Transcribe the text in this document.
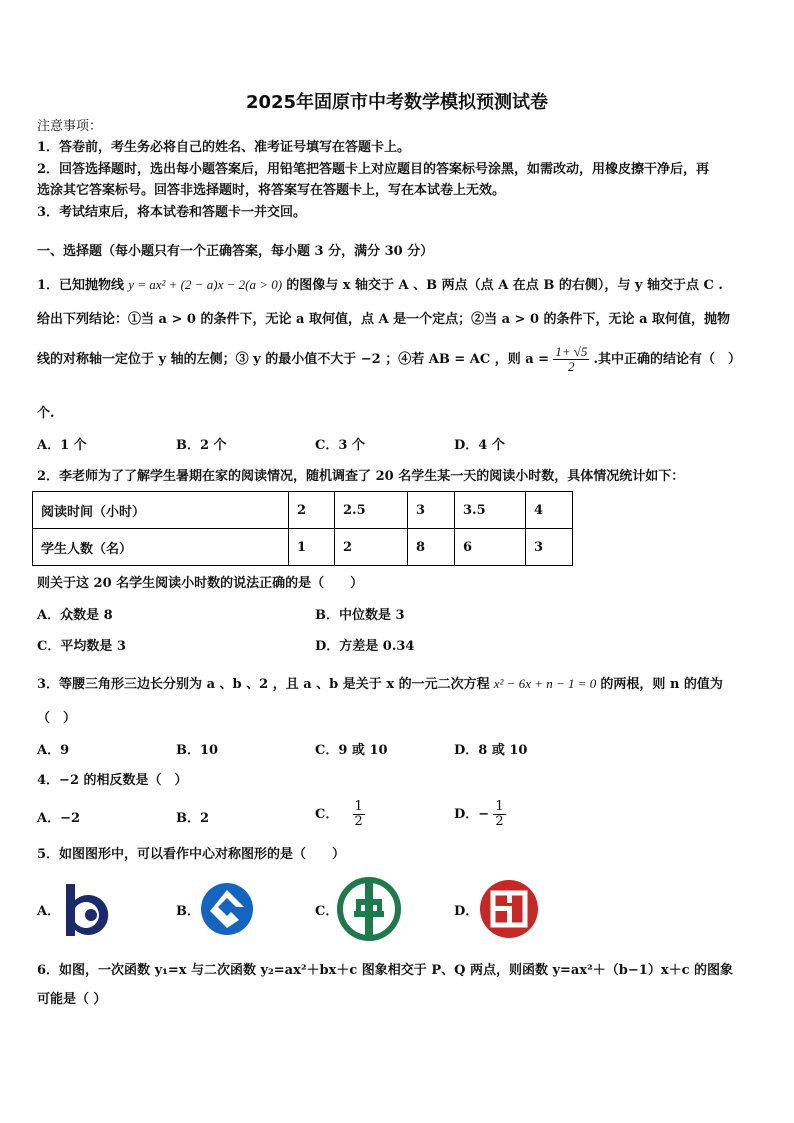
2025年固原市中考数学模拟预测试卷
注意事项：
1．答卷前，考生务必将自己的姓名、准考证号填写在答题卡上。
2．回答选择题时，选出每小题答案后，用铅笔把答题卡上对应题目的答案标号涂黑，如需改动，用橡皮擦干净后，再
选涂其它答案标号。回答非选择题时，将答案写在答题卡上，写在本试卷上无效。
3．考试结束后，将本试卷和答题卡一并交回。
一、选择题（每小题只有一个正确答案，每小题 3 分，满分 30 分）
1．已知抛物线 y = ax² + (2 − a)x − 2(a > 0) 的图像与 x 轴交于 A 、B 两点（点 A 在点 B 的右侧），与 y 轴交于点 C .
给出下列结论：①当 a > 0 的条件下，无论 a 取何值，点 A 是一个定点；②当 a > 0 的条件下，无论 a 取何值，抛物
线的对称轴一定位于 y 轴的左侧；③ y 的最小值不大于 −2 ；④若 AB = AC ，则 $a = \frac{1+ √5}{2}$ .其中正确的结论有（　）
个.
A．1 个	B．2 个	C．3 个	D．4 个
2．李老师为了了解学生暑期在家的阅读情况，随机调查了 20 名学生某一天的阅读小时数，具体情况统计如下：
阅读时间（小时）	2	2.5	3	3.5	4
学生人数（名）	1	2	8	6	3
则关于这 20 名学生阅读小时数的说法正确的是（　　）
A．众数是 8	B．中位数是 3
C．平均数是 3	D．方差是 0.34
3．等腰三角形三边长分别为 a 、b 、2 ，且 a 、b 是关于 x 的一元二次方程 x² − 6x + n − 1 = 0 的两根，则 n 的值为
（　）
A．9	B．10	C．9 或 10	D．8 或 10
4．−2 的相反数是（　）
A．−2	B．2	C． $\frac{1}{2}$	D．− $\frac{1}{2}$
5．如图图形中，可以看作中心对称图形的是（　　）
A．	B．	C．	D．
6．如图，一次函数 y₁=x 与二次函数 y₂=ax²＋bx＋c 图象相交于 P、Q 两点，则函数 y=ax²＋（b−1）x＋c 的图象
可能是（ ）
